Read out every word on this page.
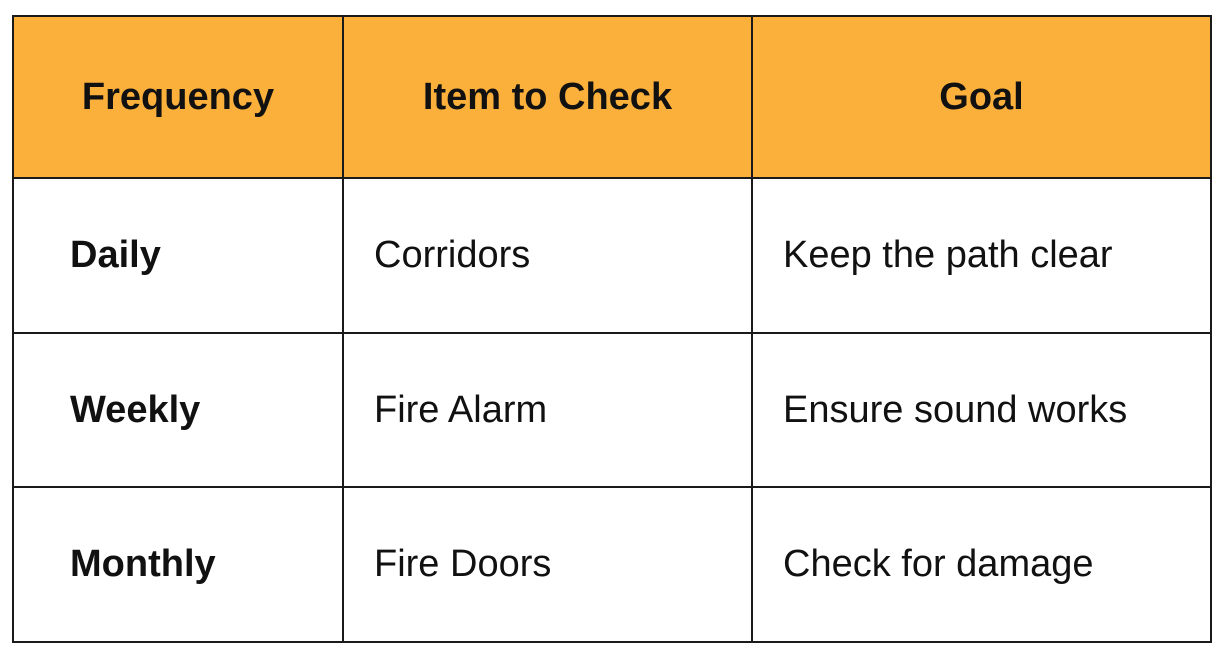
Frequency	Item to Check	Goal
Daily	Corridors	Keep the path clear
Weekly	Fire Alarm	Ensure sound works
Monthly	Fire Doors	Check for damage
